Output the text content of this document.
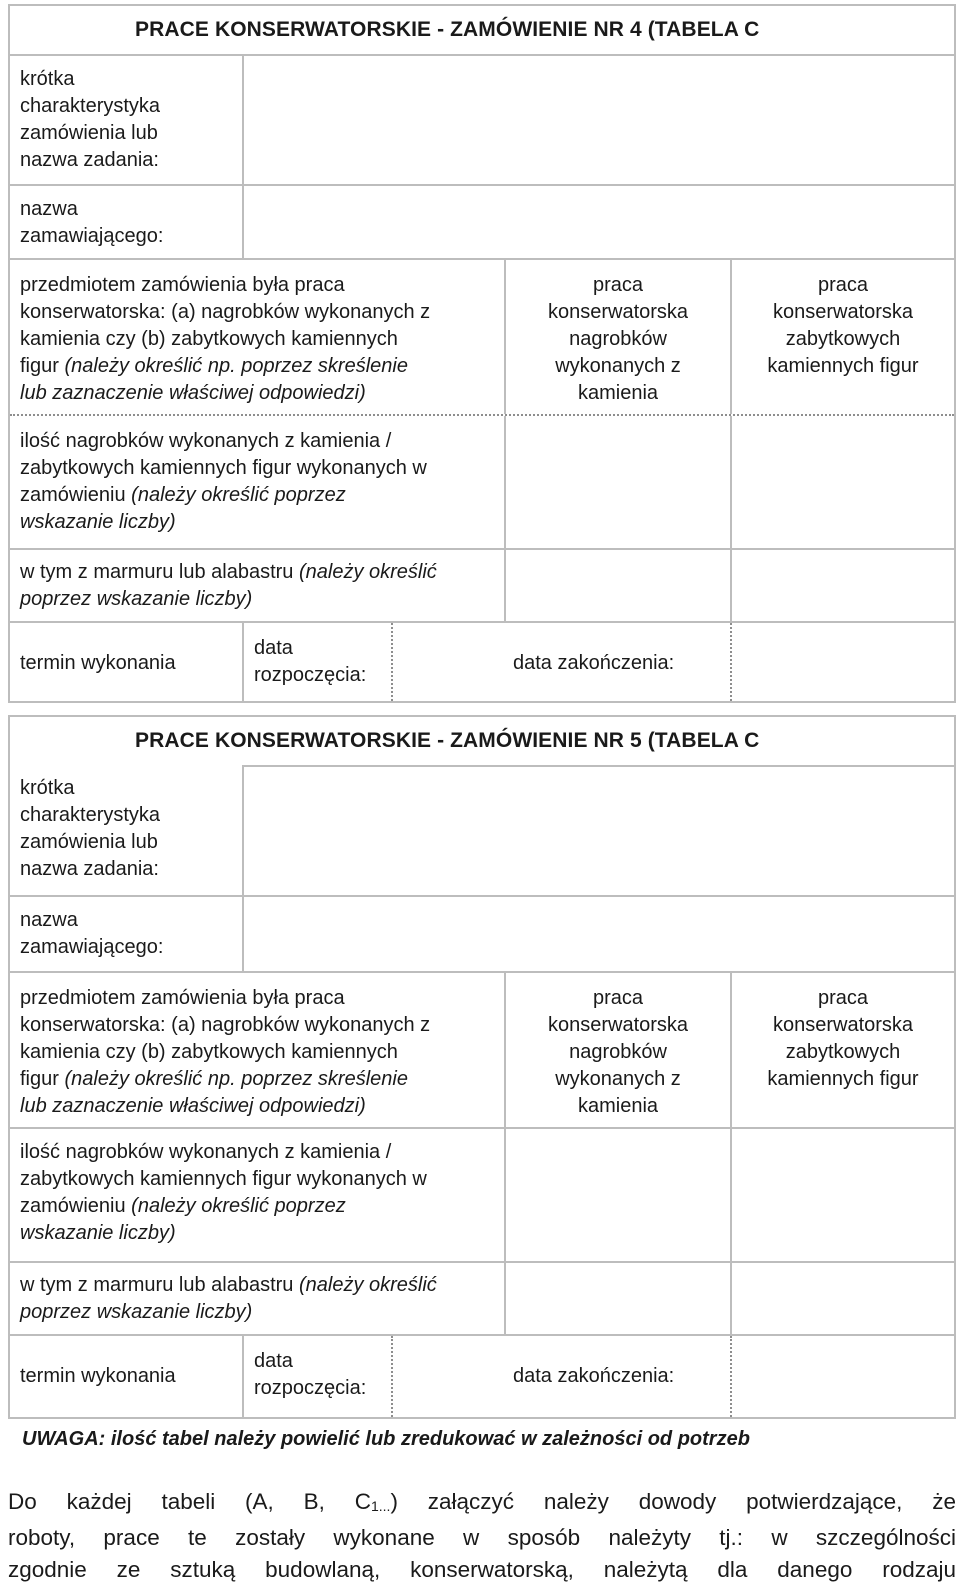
PRACE KONSERWATORSKIE - ZAMÓWIENIE NR 4 (TABELA C
krótka
charakterystyka
zamówienia lub
nazwa zadania:
nazwa
zamawiającego:
przedmiotem zamówienia była praca
konserwatorska: (a) nagrobków wykonanych z
kamienia czy (b) zabytkowych kamiennych
figur (należy określić np. poprzez skreślenie
lub zaznaczenie właściwej odpowiedzi)
praca
konserwatorska
nagrobków
wykonanych z
kamienia
praca
konserwatorska
zabytkowych
kamiennych figur
ilość nagrobków wykonanych z kamienia /
zabytkowych kamiennych figur wykonanych w
zamówieniu (należy określić poprzez
wskazanie liczby)
w tym z marmuru lub alabastru (należy określić
poprzez wskazanie liczby)
termin wykonania
data
rozpoczęcia:
data zakończenia:
PRACE KONSERWATORSKIE - ZAMÓWIENIE NR 5 (TABELA C
krótka
charakterystyka
zamówienia lub
nazwa zadania:
nazwa
zamawiającego:
przedmiotem zamówienia była praca
konserwatorska: (a) nagrobków wykonanych z
kamienia czy (b) zabytkowych kamiennych
figur (należy określić np. poprzez skreślenie
lub zaznaczenie właściwej odpowiedzi)
praca
konserwatorska
nagrobków
wykonanych z
kamienia
praca
konserwatorska
zabytkowych
kamiennych figur
ilość nagrobków wykonanych z kamienia /
zabytkowych kamiennych figur wykonanych w
zamówieniu (należy określić poprzez
wskazanie liczby)
w tym z marmuru lub alabastru (należy określić
poprzez wskazanie liczby)
termin wykonania
data
rozpoczęcia:
data zakończenia:
UWAGA: ilość tabel należy powielić lub zredukować w zależności od potrzeb
Do każdej tabeli (A, B, $C_{1...}$) załączyć należy dowody potwierdzające, że
roboty, prace te zostały wykonane w sposób należyty tj.: w szczególności
zgodnie ze sztuką budowlaną, konserwatorską, należytą dla danego rodzaju
